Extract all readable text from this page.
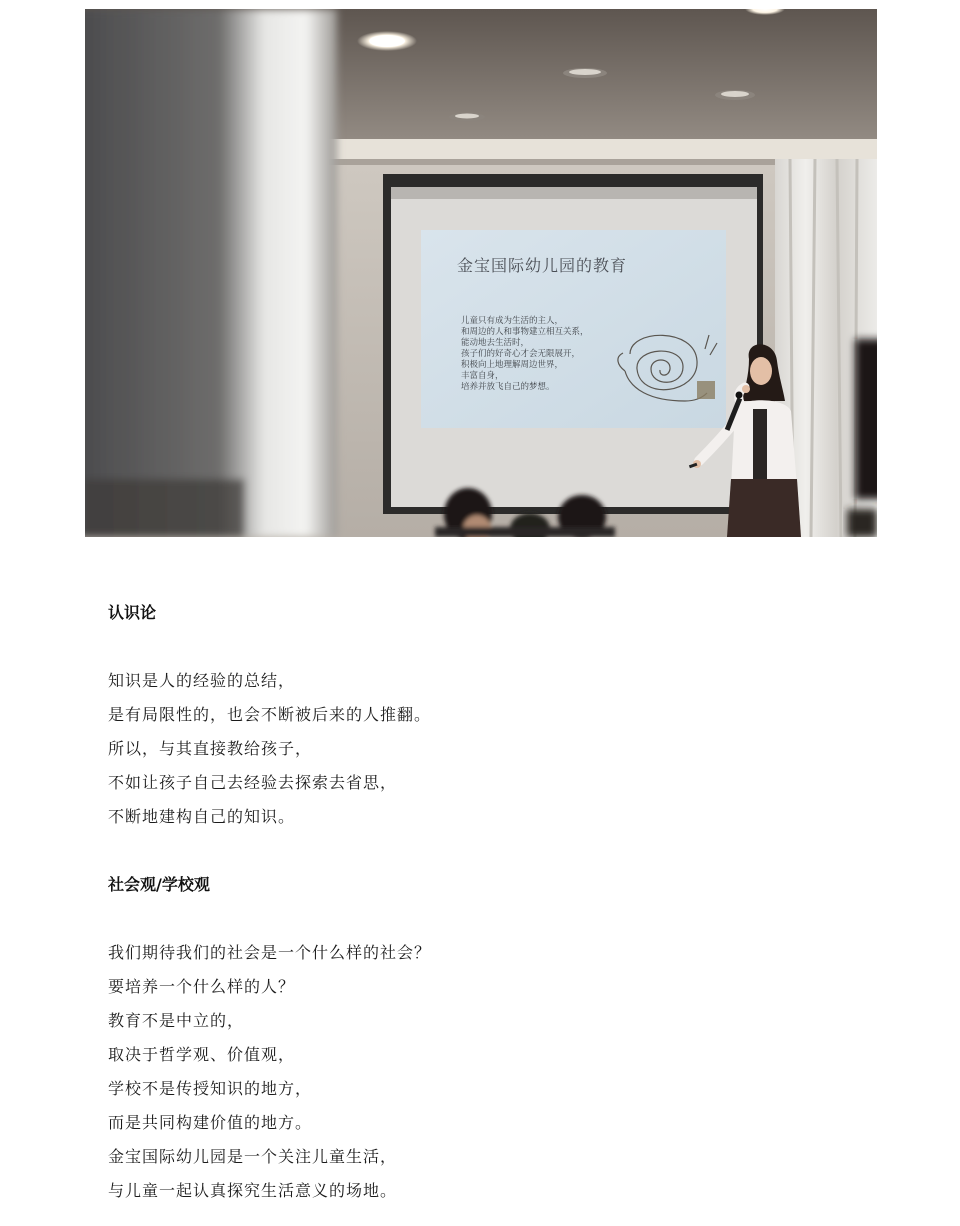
金宝国际幼儿园的教育
儿童只有成为生活的主人，
和周边的人和事物建立相互关系，
能动地去生活时，
孩子们的好奇心才会无限展开，
积极向上地理解周边世界，
丰富自身，
培养并放飞自己的梦想。

认识论

知识是人的经验的总结，

是有局限性的，也会不断被后来的人推翻。

所以，与其直接教给孩子，

不如让孩子自己去经验去探索去省思，

不断地建构自己的知识。

社会观/学校观

我们期待我们的社会是一个什么样的社会？

要培养一个什么样的人？

教育不是中立的，

取决于哲学观、价值观，

学校不是传授知识的地方，

而是共同构建价值的地方。

金宝国际幼儿园是一个关注儿童生活，

与儿童一起认真探究生活意义的场地。
